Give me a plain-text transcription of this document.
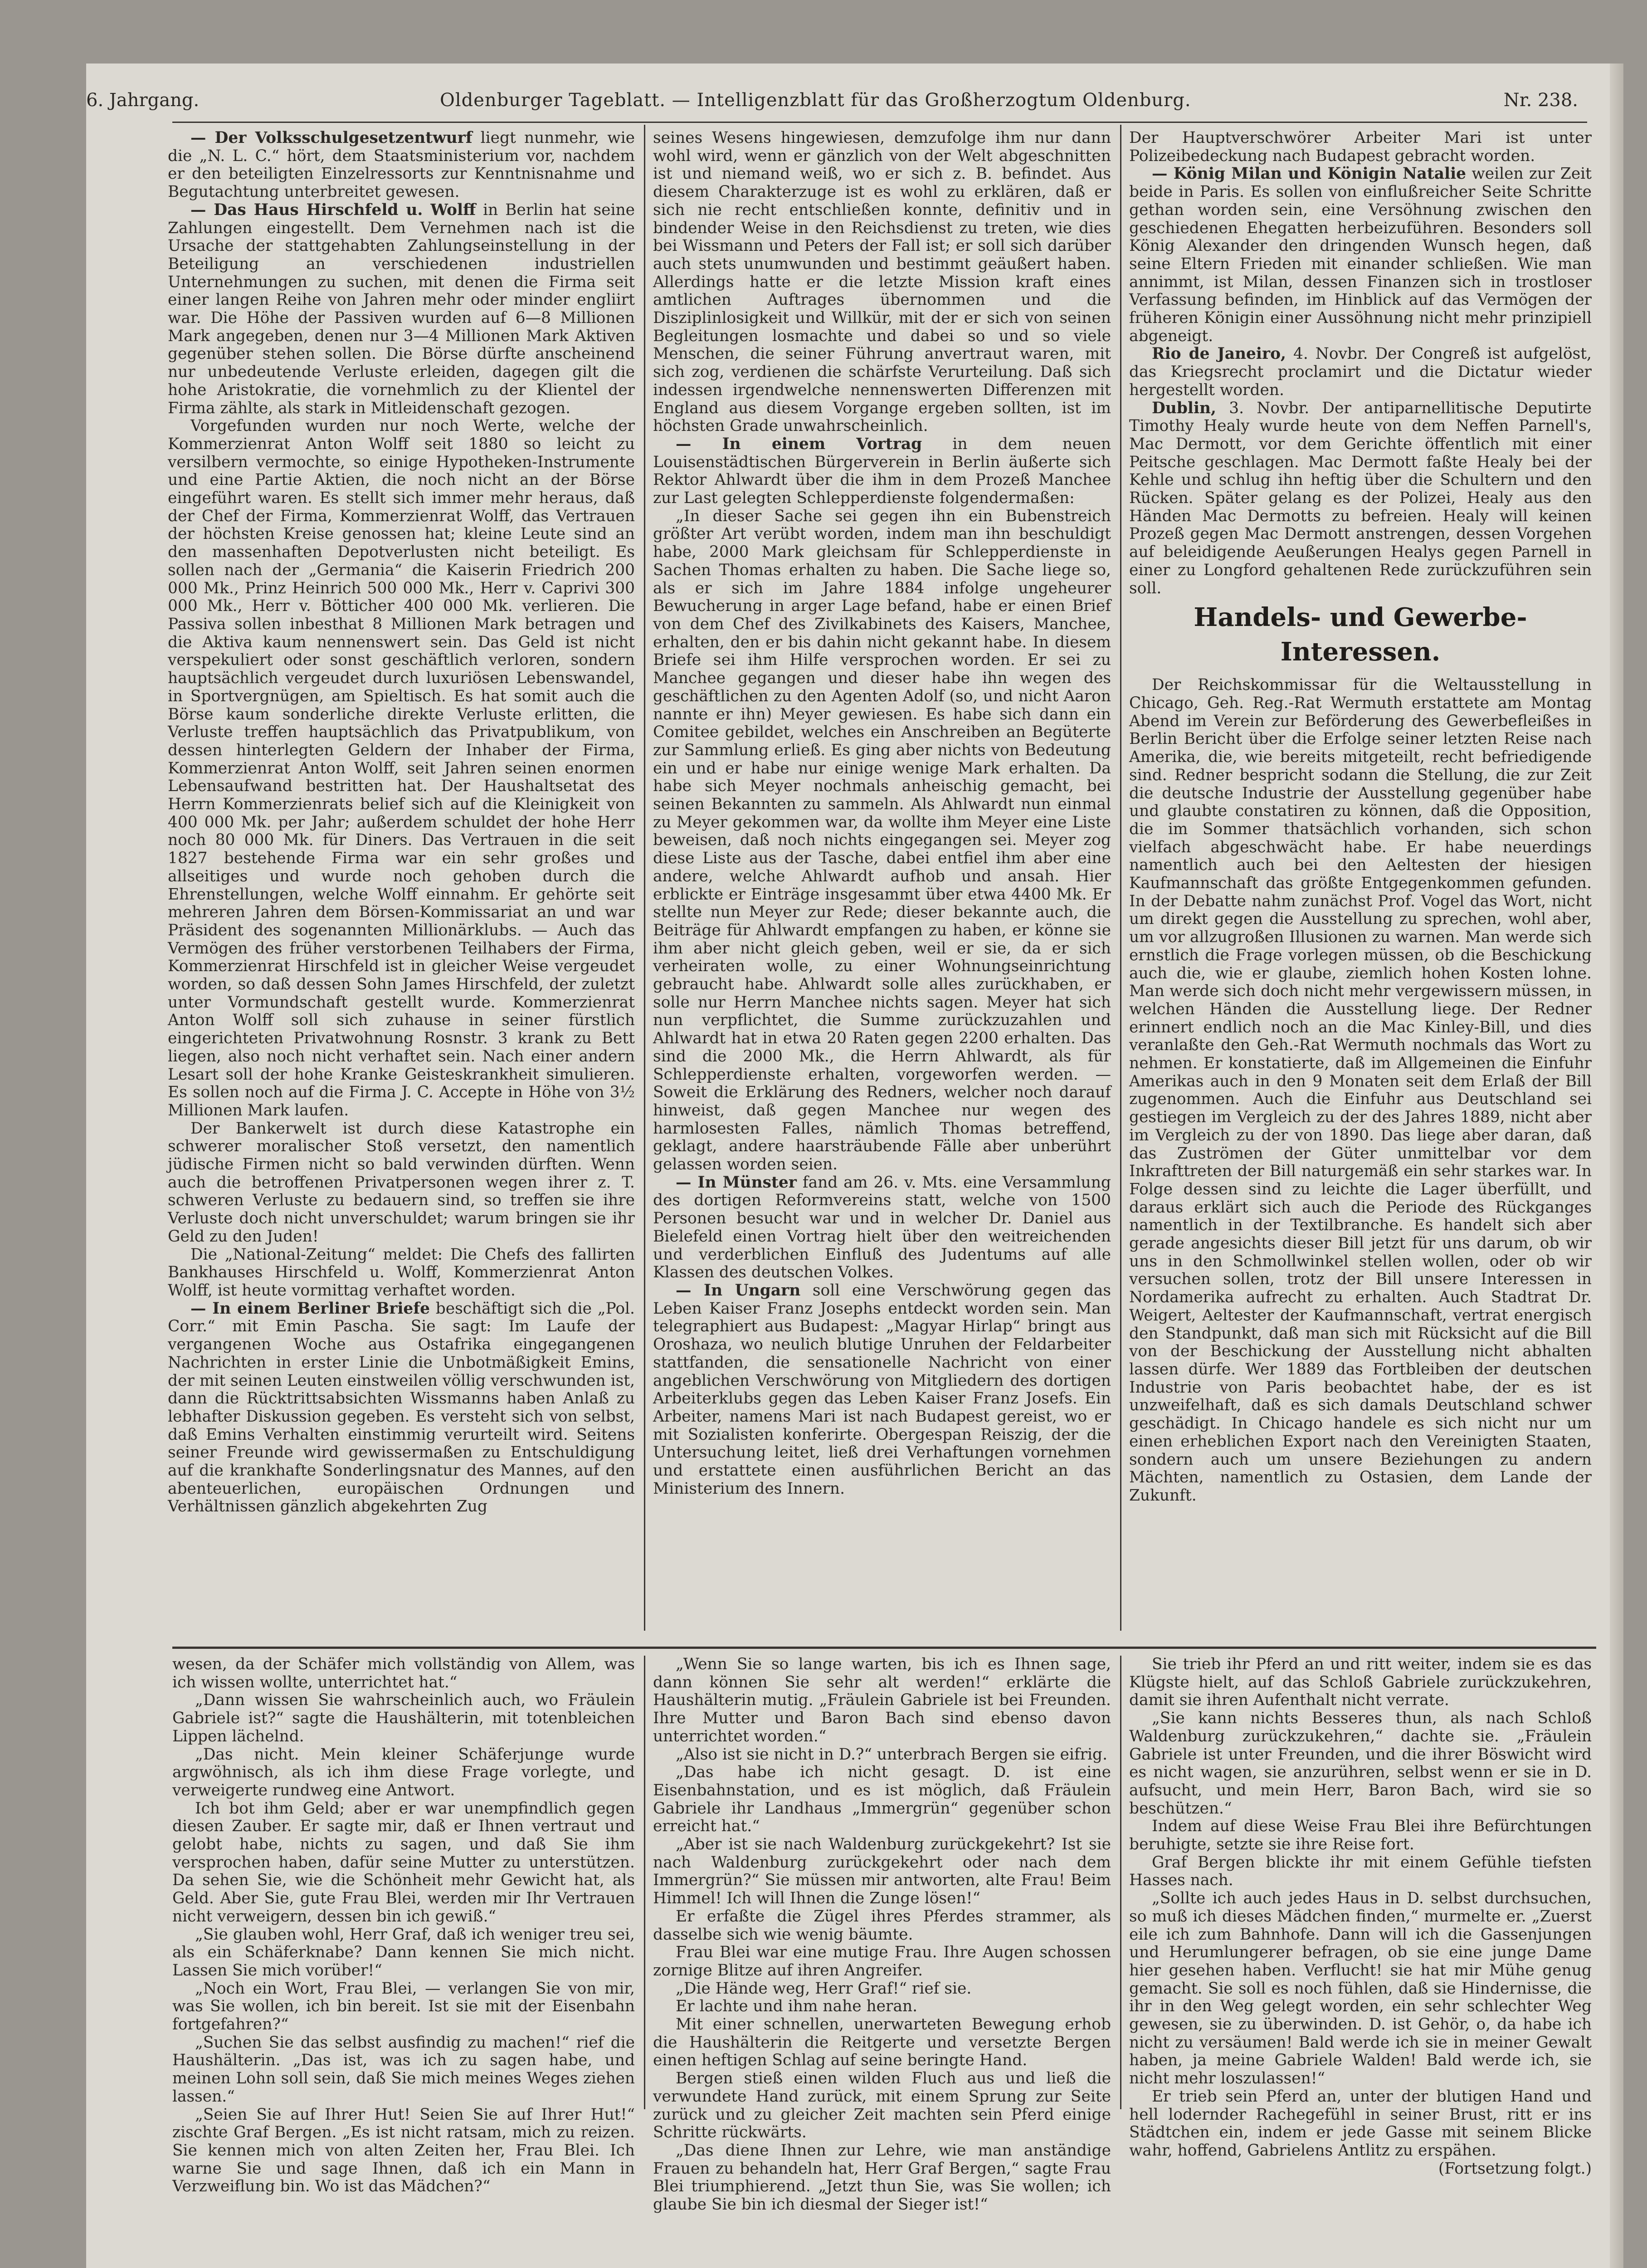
6. Jahrgang.	Oldenburger Tageblatt. — Intelligenzblatt für das Großherzogtum Oldenburg.	Nr. 238.

— Der Volksschulgesetzentwurf liegt nunmehr, wie die „N. L. C.“ hört, dem Staatsministerium vor, nachdem er den beteiligten Einzelressorts zur Kenntnisnahme und Begutachtung unterbreitet gewesen.

— Das Haus Hirschfeld u. Wolff in Berlin hat seine Zahlungen eingestellt. Dem Vernehmen nach ist die Ursache der stattgehabten Zahlungseinstellung in der Beteiligung an verschiedenen industriellen Unternehmungen zu suchen, mit denen die Firma seit einer langen Reihe von Jahren mehr oder minder engliirt war. Die Höhe der Passiven wurden auf 6—8 Millionen Mark angegeben, denen nur 3—4 Millionen Mark Aktiven gegenüber stehen sollen. Die Börse dürfte anscheinend nur unbedeutende Verluste erleiden, dagegen gilt die hohe Aristokratie, die vornehmlich zu der Klientel der Firma zählte, als stark in Mitleidenschaft gezogen.

Vorgefunden wurden nur noch Werte, welche der Kommerzienrat Anton Wolff seit 1880 so leicht zu versilbern vermochte, so einige Hypotheken-Instrumente und eine Partie Aktien, die noch nicht an der Börse eingeführt waren. Es stellt sich immer mehr heraus, daß der Chef der Firma, Kommerzienrat Wolff, das Vertrauen der höchsten Kreise genossen hat; kleine Leute sind an den massenhaften Depotverlusten nicht beteiligt. Es sollen nach der „Germania“ die Kaiserin Friedrich 200 000 Mk., Prinz Heinrich 500 000 Mk., Herr v. Caprivi 300 000 Mk., Herr v. Bötticher 400 000 Mk. verlieren. Die Passiva sollen inbesthat 8 Millionen Mark betragen und die Aktiva kaum nennenswert sein. Das Geld ist nicht verspekuliert oder sonst geschäftlich verloren, sondern hauptsächlich vergeudet durch luxuriösen Lebenswandel, in Sportvergnügen, am Spieltisch. Es hat somit auch die Börse kaum sonderliche direkte Verluste erlitten, die Verluste treffen hauptsächlich das Privatpublikum, von dessen hinterlegten Geldern der Inhaber der Firma, Kommerzienrat Anton Wolff, seit Jahren seinen enormen Lebensaufwand bestritten hat. Der Haushaltsetat des Herrn Kommerzienrats belief sich auf die Kleinigkeit von 400 000 Mk. per Jahr; außerdem schuldet der hohe Herr noch 80 000 Mk. für Diners. Das Vertrauen in die seit 1827 bestehende Firma war ein sehr großes und allseitiges und wurde noch gehoben durch die Ehrenstellungen, welche Wolff einnahm. Er gehörte seit mehreren Jahren dem Börsen-Kommissariat an und war Präsident des sogenannten Millionärklubs. — Auch das Vermögen des früher verstorbenen Teilhabers der Firma, Kommerzienrat Hirschfeld ist in gleicher Weise vergeudet worden, so daß dessen Sohn James Hirschfeld, der zuletzt unter Vormundschaft gestellt wurde. Kommerzienrat Anton Wolff soll sich zuhause in seiner fürstlich eingerichteten Privatwohnung Rosnstr. 3 krank zu Bett liegen, also noch nicht verhaftet sein. Nach einer andern Lesart soll der hohe Kranke Geisteskrankheit simulieren. Es sollen noch auf die Firma J. C. Accepte in Höhe von 3¹⁄₂ Millionen Mark laufen.

Der Bankerwelt ist durch diese Katastrophe ein schwerer moralischer Stoß versetzt, den namentlich jüdische Firmen nicht so bald verwinden dürften. Wenn auch die betroffenen Privatpersonen wegen ihrer z. T. schweren Verluste zu bedauern sind, so treffen sie ihre Verluste doch nicht unverschuldet; warum bringen sie ihr Geld zu den Juden!

Die „National-Zeitung“ meldet: Die Chefs des fallirten Bankhauses Hirschfeld u. Wolff, Kommerzienrat Anton Wolff, ist heute vormittag verhaftet worden.

— In einem Berliner Briefe beschäftigt sich die „Pol. Corr.“ mit Emin Pascha. Sie sagt: Im Laufe der vergangenen Woche aus Ostafrika eingegangenen Nachrichten in erster Linie die Unbotmäßigkeit Emins, der mit seinen Leuten einstweilen völlig verschwunden ist, dann die Rücktrittsabsichten Wissmanns haben Anlaß zu lebhafter Diskussion gegeben. Es versteht sich von selbst, daß Emins Verhalten einstimmig verurteilt wird. Seitens seiner Freunde wird gewissermaßen zu Entschuldigung auf die krankhafte Sonderlingsnatur des Mannes, auf den abenteuerlichen, europäischen Ordnungen und Verhältnissen gänzlich abgekehrten Zug

seines Wesens hingewiesen, demzufolge ihm nur dann wohl wird, wenn er gänzlich von der Welt abgeschnitten ist und niemand weiß, wo er sich z. B. befindet. Aus diesem Charakterzuge ist es wohl zu erklären, daß er sich nie recht entschließen konnte, definitiv und in bindender Weise in den Reichsdienst zu treten, wie dies bei Wissmann und Peters der Fall ist; er soll sich darüber auch stets unumwunden und bestimmt geäußert haben. Allerdings hatte er die letzte Mission kraft eines amtlichen Auftrages übernommen und die Disziplinlosigkeit und Willkür, mit der er sich von seinen Begleitungen losmachte und dabei so und so viele Menschen, die seiner Führung anvertraut waren, mit sich zog, verdienen die schärfste Verurteilung. Daß sich indessen irgendwelche nennenswerten Differenzen mit England aus diesem Vorgange ergeben sollten, ist im höchsten Grade unwahrscheinlich.

— In einem Vortrag in dem neuen Louisenstädtischen Bürgerverein in Berlin äußerte sich Rektor Ahlwardt über die ihm in dem Prozeß Manchee zur Last gelegten Schlepperdienste folgendermaßen:

„In dieser Sache sei gegen ihn ein Bubenstreich größter Art verübt worden, indem man ihn beschuldigt habe, 2000 Mark gleichsam für Schlepperdienste in Sachen Thomas erhalten zu haben. Die Sache liege so, als er sich im Jahre 1884 infolge ungeheurer Bewucherung in arger Lage befand, habe er einen Brief von dem Chef des Zivilkabinets des Kaisers, Manchee, erhalten, den er bis dahin nicht gekannt habe. In diesem Briefe sei ihm Hilfe versprochen worden. Er sei zu Manchee gegangen und dieser habe ihn wegen des geschäftlichen zu den Agenten Adolf (so, und nicht Aaron nannte er ihn) Meyer gewiesen. Es habe sich dann ein Comitee gebildet, welches ein Anschreiben an Begüterte zur Sammlung erließ. Es ging aber nichts von Bedeutung ein und er habe nur einige wenige Mark erhalten. Da habe sich Meyer nochmals anheischig gemacht, bei seinen Bekannten zu sammeln. Als Ahlwardt nun einmal zu Meyer gekommen war, da wollte ihm Meyer eine Liste beweisen, daß noch nichts eingegangen sei. Meyer zog diese Liste aus der Tasche, dabei entfiel ihm aber eine andere, welche Ahlwardt aufhob und ansah. Hier erblickte er Einträge insgesammt über etwa 4400 Mk. Er stellte nun Meyer zur Rede; dieser bekannte auch, die Beiträge für Ahlwardt empfangen zu haben, er könne sie ihm aber nicht gleich geben, weil er sie, da er sich verheiraten wolle, zu einer Wohnungseinrichtung gebraucht habe. Ahlwardt solle alles zurückhaben, er solle nur Herrn Manchee nichts sagen. Meyer hat sich nun verpflichtet, die Summe zurückzuzahlen und Ahlwardt hat in etwa 20 Raten gegen 2200 erhalten. Das sind die 2000 Mk., die Herrn Ahlwardt, als für Schlepperdienste erhalten, vorgeworfen werden. — Soweit die Erklärung des Redners, welcher noch darauf hinweist, daß gegen Manchee nur wegen des harmlosesten Falles, nämlich Thomas betreffend, geklagt, andere haarsträubende Fälle aber unberührt gelassen worden seien.

— In Münster fand am 26. v. Mts. eine Versammlung des dortigen Reformvereins statt, welche von 1500 Personen besucht war und in welcher Dr. Daniel aus Bielefeld einen Vortrag hielt über den weitreichenden und verderblichen Einfluß des Judentums auf alle Klassen des deutschen Volkes.

— In Ungarn soll eine Verschwörung gegen das Leben Kaiser Franz Josephs entdeckt worden sein. Man telegraphiert aus Budapest: „Magyar Hirlap“ bringt aus Oroshaza, wo neulich blutige Unruhen der Feldarbeiter stattfanden, die sensationelle Nachricht von einer angeblichen Verschwörung von Mitgliedern des dortigen Arbeiterklubs gegen das Leben Kaiser Franz Josefs. Ein Arbeiter, namens Mari ist nach Budapest gereist, wo er mit Sozialisten konferirte. Obergespan Reiszig, der die Untersuchung leitet, ließ drei Verhaftungen vornehmen und erstattete einen ausführlichen Bericht an das Ministerium des Innern.

Der Hauptverschwörer Arbeiter Mari ist unter Polizeibedeckung nach Budapest gebracht worden.

— König Milan und Königin Natalie weilen zur Zeit beide in Paris. Es sollen von einflußreicher Seite Schritte gethan worden sein, eine Versöhnung zwischen den geschiedenen Ehegatten herbeizuführen. Besonders soll König Alexander den dringenden Wunsch hegen, daß seine Eltern Frieden mit einander schließen. Wie man annimmt, ist Milan, dessen Finanzen sich in trostloser Verfassung befinden, im Hinblick auf das Vermögen der früheren Königin einer Aussöhnung nicht mehr prinzipiell abgeneigt.

Rio de Janeiro, 4. Novbr. Der Congreß ist aufgelöst, das Kriegsrecht proclamirt und die Dictatur wieder hergestellt worden.

Dublin, 3. Novbr. Der antiparnellitische Deputirte Timothy Healy wurde heute von dem Neffen Parnell's, Mac Dermott, vor dem Gerichte öffentlich mit einer Peitsche geschlagen. Mac Dermott faßte Healy bei der Kehle und schlug ihn heftig über die Schultern und den Rücken. Später gelang es der Polizei, Healy aus den Händen Mac Dermotts zu befreien. Healy will keinen Prozeß gegen Mac Dermott anstrengen, dessen Vorgehen auf beleidigende Aeußerungen Healys gegen Parnell in einer zu Longford gehaltenen Rede zurückzuführen sein soll.

Handels- und Gewerbe-Interessen.

Der Reichskommissar für die Weltausstellung in Chicago, Geh. Reg.-Rat Wermuth erstattete am Montag Abend im Verein zur Beförderung des Gewerbefleißes in Berlin Bericht über die Erfolge seiner letzten Reise nach Amerika, die, wie bereits mitgeteilt, recht befriedigende sind. Redner bespricht sodann die Stellung, die zur Zeit die deutsche Industrie der Ausstellung gegenüber habe und glaubte constatiren zu können, daß die Opposition, die im Sommer thatsächlich vorhanden, sich schon vielfach abgeschwächt habe. Er habe neuerdings namentlich auch bei den Aeltesten der hiesigen Kaufmannschaft das größte Entgegenkommen gefunden. In der Debatte nahm zunächst Prof. Vogel das Wort, nicht um direkt gegen die Ausstellung zu sprechen, wohl aber, um vor allzugroßen Illusionen zu warnen. Man werde sich ernstlich die Frage vorlegen müssen, ob die Beschickung auch die, wie er glaube, ziemlich hohen Kosten lohne. Man werde sich doch nicht mehr vergewissern müssen, in welchen Händen die Ausstellung liege. Der Redner erinnert endlich noch an die Mac Kinley-Bill, und dies veranlaßte den Geh.-Rat Wermuth nochmals das Wort zu nehmen. Er konstatierte, daß im Allgemeinen die Einfuhr Amerikas auch in den 9 Monaten seit dem Erlaß der Bill zugenommen. Auch die Einfuhr aus Deutschland sei gestiegen im Vergleich zu der des Jahres 1889, nicht aber im Vergleich zu der von 1890. Das liege aber daran, daß das Zuströmen der Güter unmittelbar vor dem Inkrafttreten der Bill naturgemäß ein sehr starkes war. In Folge dessen sind zu leichte die Lager überfüllt, und daraus erklärt sich auch die Periode des Rückganges namentlich in der Textilbranche. Es handelt sich aber gerade angesichts dieser Bill jetzt für uns darum, ob wir uns in den Schmollwinkel stellen wollen, oder ob wir versuchen sollen, trotz der Bill unsere Interessen in Nordamerika aufrecht zu erhalten. Auch Stadtrat Dr. Weigert, Aeltester der Kaufmannschaft, vertrat energisch den Standpunkt, daß man sich mit Rücksicht auf die Bill von der Beschickung der Ausstellung nicht abhalten lassen dürfe. Wer 1889 das Fortbleiben der deutschen Industrie von Paris beobachtet habe, der es ist unzweifelhaft, daß es sich damals Deutschland schwer geschädigt. In Chicago handele es sich nicht nur um einen erheblichen Export nach den Vereinigten Staaten, sondern auch um unsere Beziehungen zu andern Mächten, namentlich zu Ostasien, dem Lande der Zukunft.

wesen, da der Schäfer mich vollständig von Allem, was ich wissen wollte, unterrichtet hat.“

„Dann wissen Sie wahrscheinlich auch, wo Fräulein Gabriele ist?“ sagte die Haushälterin, mit totenbleichen Lippen lächelnd.

„Das nicht. Mein kleiner Schäferjunge wurde argwöhnisch, als ich ihm diese Frage vorlegte, und verweigerte rundweg eine Antwort.

Ich bot ihm Geld; aber er war unempfindlich gegen diesen Zauber. Er sagte mir, daß er Ihnen vertraut und gelobt habe, nichts zu sagen, und daß Sie ihm versprochen haben, dafür seine Mutter zu unterstützen. Da sehen Sie, wie die Schönheit mehr Gewicht hat, als Geld. Aber Sie, gute Frau Blei, werden mir Ihr Vertrauen nicht verweigern, dessen bin ich gewiß.“

„Sie glauben wohl, Herr Graf, daß ich weniger treu sei, als ein Schäferknabe? Dann kennen Sie mich nicht. Lassen Sie mich vorüber!“

„Noch ein Wort, Frau Blei, — verlangen Sie von mir, was Sie wollen, ich bin bereit. Ist sie mit der Eisenbahn fortgefahren?“

„Suchen Sie das selbst ausfindig zu machen!“ rief die Haushälterin. „Das ist, was ich zu sagen habe, und meinen Lohn soll sein, daß Sie mich meines Weges ziehen lassen.“

„Seien Sie auf Ihrer Hut! Seien Sie auf Ihrer Hut!“ zischte Graf Bergen. „Es ist nicht ratsam, mich zu reizen. Sie kennen mich von alten Zeiten her, Frau Blei. Ich warne Sie und sage Ihnen, daß ich ein Mann in Verzweiflung bin. Wo ist das Mädchen?“

„Wenn Sie so lange warten, bis ich es Ihnen sage, dann können Sie sehr alt werden!“ erklärte die Haushälterin mutig. „Fräulein Gabriele ist bei Freunden. Ihre Mutter und Baron Bach sind ebenso davon unterrichtet worden.“

„Also ist sie nicht in D.?“ unterbrach Bergen sie eifrig.

„Das habe ich nicht gesagt. D. ist eine Eisenbahnstation, und es ist möglich, daß Fräulein Gabriele ihr Landhaus „Immergrün“ gegenüber schon erreicht hat.“

„Aber ist sie nach Waldenburg zurückgekehrt? Ist sie nach Waldenburg zurückgekehrt oder nach dem Immergrün?“ Sie müssen mir antworten, alte Frau! Beim Himmel! Ich will Ihnen die Zunge lösen!“

Er erfaßte die Zügel ihres Pferdes strammer, als dasselbe sich wie wenig bäumte.

Frau Blei war eine mutige Frau. Ihre Augen schossen zornige Blitze auf ihren Angreifer.

„Die Hände weg, Herr Graf!“ rief sie.

Er lachte und ihm nahe heran.

Mit einer schnellen, unerwarteten Bewegung erhob die Haushälterin die Reitgerte und versetzte Bergen einen heftigen Schlag auf seine beringte Hand.

Bergen stieß einen wilden Fluch aus und ließ die verwundete Hand zurück, mit einem Sprung zur Seite zurück und zu gleicher Zeit machten sein Pferd einige Schritte rückwärts.

„Das diene Ihnen zur Lehre, wie man anständige Frauen zu behandeln hat, Herr Graf Bergen,“ sagte Frau Blei triumphierend. „Jetzt thun Sie, was Sie wollen; ich glaube Sie bin ich diesmal der Sieger ist!“

Sie trieb ihr Pferd an und ritt weiter, indem sie es das Klügste hielt, auf das Schloß Gabriele zurückzukehren, damit sie ihren Aufenthalt nicht verrate.

„Sie kann nichts Besseres thun, als nach Schloß Waldenburg zurückzukehren,“ dachte sie. „Fräulein Gabriele ist unter Freunden, und die ihrer Böswicht wird es nicht wagen, sie anzurühren, selbst wenn er sie in D. aufsucht, und mein Herr, Baron Bach, wird sie so beschützen.“

Indem auf diese Weise Frau Blei ihre Befürchtungen beruhigte, setzte sie ihre Reise fort.

Graf Bergen blickte ihr mit einem Gefühle tiefsten Hasses nach.

„Sollte ich auch jedes Haus in D. selbst durchsuchen, so muß ich dieses Mädchen finden,“ murmelte er. „Zuerst eile ich zum Bahnhofe. Dann will ich die Gassenjungen und Herumlungerer befragen, ob sie eine junge Dame hier gesehen haben. Verflucht! sie hat mir Mühe genug gemacht. Sie soll es noch fühlen, daß sie Hindernisse, die ihr in den Weg gelegt worden, ein sehr schlechter Weg gewesen, sie zu überwinden. D. ist Gehör, o, da habe ich nicht zu versäumen! Bald werde ich sie in meiner Gewalt haben, ja meine Gabriele Walden! Bald werde ich, sie nicht mehr loszulassen!“

Er trieb sein Pferd an, unter der blutigen Hand und hell lodernder Rachegefühl in seiner Brust, ritt er ins Städtchen ein, indem er jede Gasse mit seinem Blicke wahr, hoffend, Gabrielens Antlitz zu erspähen.

(Fortsetzung folgt.)
